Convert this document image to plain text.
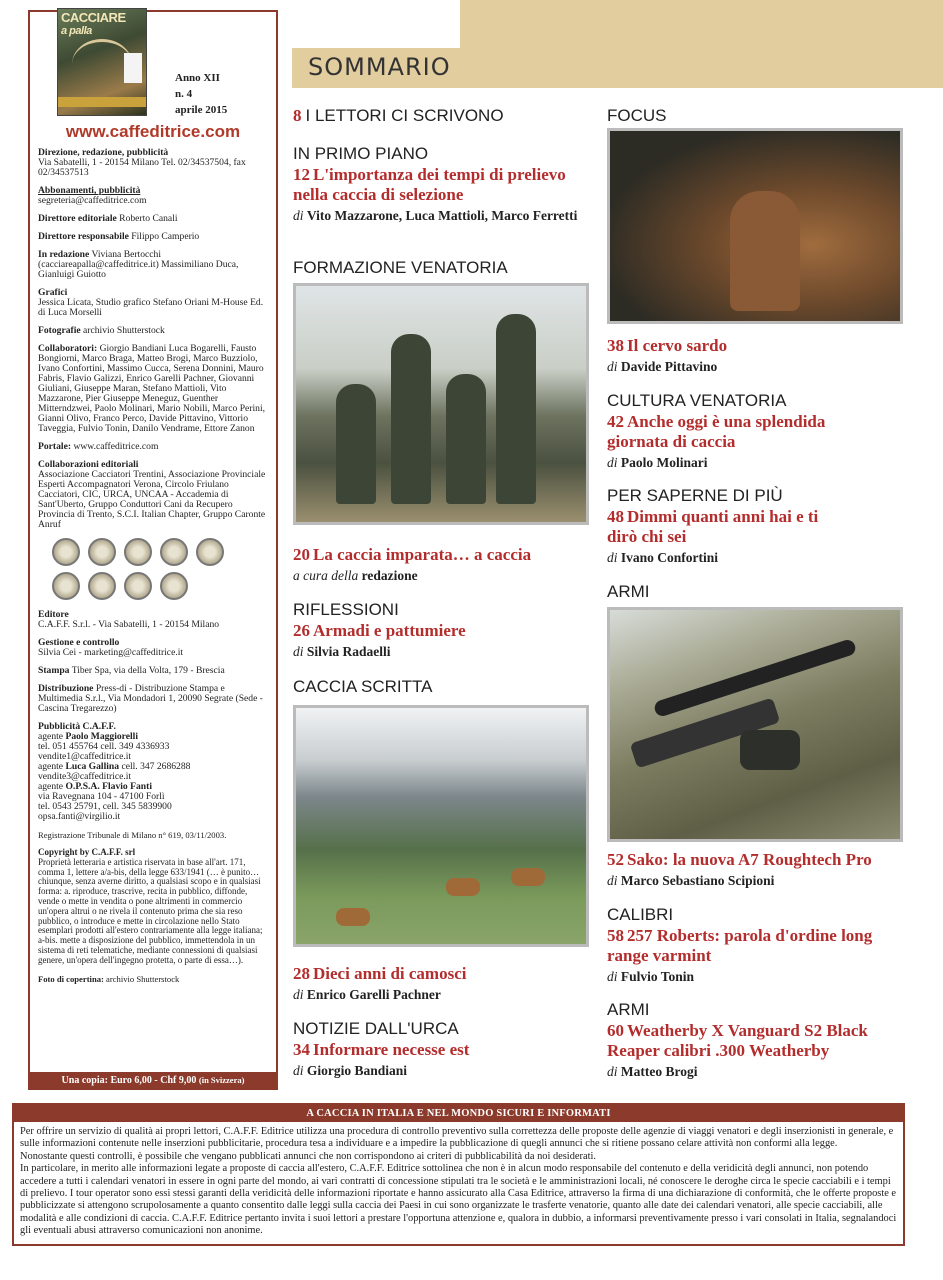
SOMMARIO
CACCIARE
a palla
Anno XII
n. 4
aprile 2015
www.caffeditrice.com

Direzione, redazione, pubblicità
Via Sabatelli, 1 - 20154 Milano Tel. 02/34537504, fax 02/34537513

Abbonamenti, pubblicità
segreteria@caffeditrice.com

Direttore editoriale Roberto Canali

Direttore responsabile Filippo Camperio

In redazione Viviana Bertocchi (cacciareapalla@caffeditrice.it) Massimiliano Duca, Gianluigi Guiotto

Grafici
Jessica Licata, Studio grafico Stefano Oriani M-House Ed. di Luca Morselli

Fotografie archivio Shutterstock

Collaboratori: Giorgio Bandiani Luca Bogarelli, Fausto Bongiorni, Marco Braga, Matteo Brogi, Marco Buzziolo, Ivano Confortini, Massimo Cucca, Serena Donnini, Mauro Fabris, Flavio Galizzi, Enrico Garelli Pachner, Giovanni Giuliani, Giuseppe Maran, Stefano Mattioli, Vito Mazzarone, Pier Giuseppe Meneguz, Guenther Mitterndzwei, Paolo Molinari, Mario Nobili, Marco Perini, Gianni Olivo, Franco Perco, Davide Pittavino, Vittorio Taveggia, Fulvio Tonin, Danilo Vendrame, Ettore Zanon

Portale: www.caffeditrice.com

Collaborazioni editoriali
Associazione Cacciatori Trentini, Associazione Provinciale Esperti Accompagnatori Verona, Circolo Friulano Cacciatori, CIC, URCA, UNCAA - Accademia di Sant'Uberto, Gruppo Conduttori Cani da Recupero Provincia di Trento, S.C.I. Italian Chapter, Gruppo Caronte Anruf

Editore
C.A.F.F. S.r.l. - Via Sabatelli, 1 - 20154 Milano

Gestione e controllo
Silvia Cei - marketing@caffeditrice.it

Stampa Tiber Spa, via della Volta, 179 - Brescia

Distribuzione Press-di - Distribuzione Stampa e Multimedia S.r.l., Via Mondadori 1, 20090 Segrate (Sede - Cascina Tregarezzo)

Pubblicità C.A.F.F.
agente Paolo Maggiorelli
tel. 051 455764 cell. 349 4336933
vendite1@caffeditrice.it
agente Luca Gallina cell. 347 2686288
vendite3@caffeditrice.it
agente O.P.S.A. Flavio Fanti
via Ravegnana 104 - 47100 Forlì
tel. 0543 25791, cell. 345 5839900
opsa.fanti@virgilio.it

Registrazione Tribunale di Milano n° 619, 03/11/2003.

Copyright by C.A.F.F. srl
Proprietà letteraria e artistica riservata in base all'art. 171, comma 1, lettere a/a-bis, della legge 633/1941 (… è punito… chiunque, senza averne diritto, a qualsiasi scopo e in qualsiasi forma: a. riproduce, trascrive, recita in pubblico, diffonde, vende o mette in vendita o pone altrimenti in commercio un'opera altrui o ne rivela il contenuto prima che sia reso pubblico, o introduce e mette in circolazione nello Stato esemplari prodotti all'estero contrariamente alla legge italiana; a-bis. mette a disposizione del pubblico, immettendola in un sistema di reti telematiche, mediante connessioni di qualsiasi genere, un'opera dell'ingegno protetta, o parte di essa…).

Foto di copertina: archivio Shutterstock

Una copia: Euro 6,00 - Chf 9,00 (in Svizzera)
8 I LETTORI CI SCRIVONO
IN PRIMO PIANO
12 L'importanza dei tempi di prelievo nella caccia di selezione
di Vito Mazzarone, Luca Mattioli, Marco Ferretti
FORMAZIONE VENATORIA
20 La caccia imparata… a caccia
a cura della redazione
RIFLESSIONI
26 Armadi e pattumiere
di Silvia Radaelli
CACCIA SCRITTA
28 Dieci anni di camosci
di Enrico Garelli Pachner
NOTIZIE DALL'URCA
34 Informare necesse est
di Giorgio Bandiani
FOCUS
38 Il cervo sardo
di Davide Pittavino
CULTURA VENATORIA
42 Anche oggi è una splendida giornata di caccia
di Paolo Molinari
PER SAPERNE DI PIÙ
48 Dimmi quanti anni hai e ti dirò chi sei
di Ivano Confortini
ARMI
52 Sako: la nuova A7 Roughtech Pro
di Marco Sebastiano Scipioni
CALIBRI
58 257 Roberts: parola d'ordine long range varmint
di Fulvio Tonin
ARMI
60 Weatherby X Vanguard S2 Black Reaper calibri .300 Weatherby
di Matteo Brogi
A CACCIA IN ITALIA E NEL MONDO SICURI E INFORMATI
Per offrire un servizio di qualità ai propri lettori, C.A.F.F. Editrice utilizza una procedura di controllo preventivo sulla correttezza delle proposte delle agenzie di viaggi venatori e degli inserzionisti in generale, e sulle informazioni contenute nelle inserzioni pubblicitarie, procedura tesa a individuare e a impedire la pubblicazione di quegli annunci che si ritiene possano celare attività non conformi alla legge.
Nonostante questi controlli, è possibile che vengano pubblicati annunci che non corrispondono ai criteri di pubblicabilità da noi desiderati.
In particolare, in merito alle informazioni legate a proposte di caccia all'estero, C.A.F.F. Editrice sottolinea che non è in alcun modo responsabile del contenuto e della veridicità degli annunci, non potendo accedere a tutti i calendari venatori in essere in ogni parte del mondo, ai vari contratti di concessione stipulati tra le società e le amministrazioni locali, né conoscere le deroghe circa le specie cacciabili e i tempi di prelievo. I tour operator sono essi stessi garanti della veridicità delle informazioni riportate e hanno assicurato alla Casa Editrice, attraverso la firma di una dichiarazione di conformità, che le offerte proposte e pubblicizzate si attengono scrupolosamente a quanto consentito dalle leggi sulla caccia dei Paesi in cui sono organizzate le trasferte venatorie, quanto alle date dei calendari venatori, alle specie cacciabili, alle modalità e alle condizioni di caccia. C.A.F.F. Editrice pertanto invita i suoi lettori a prestare l'opportuna attenzione e, qualora in dubbio, a informarsi preventivamente presso i vari consolati in Italia, segnalandoci gli eventuali abusi attraverso comunicazioni non anonime.
